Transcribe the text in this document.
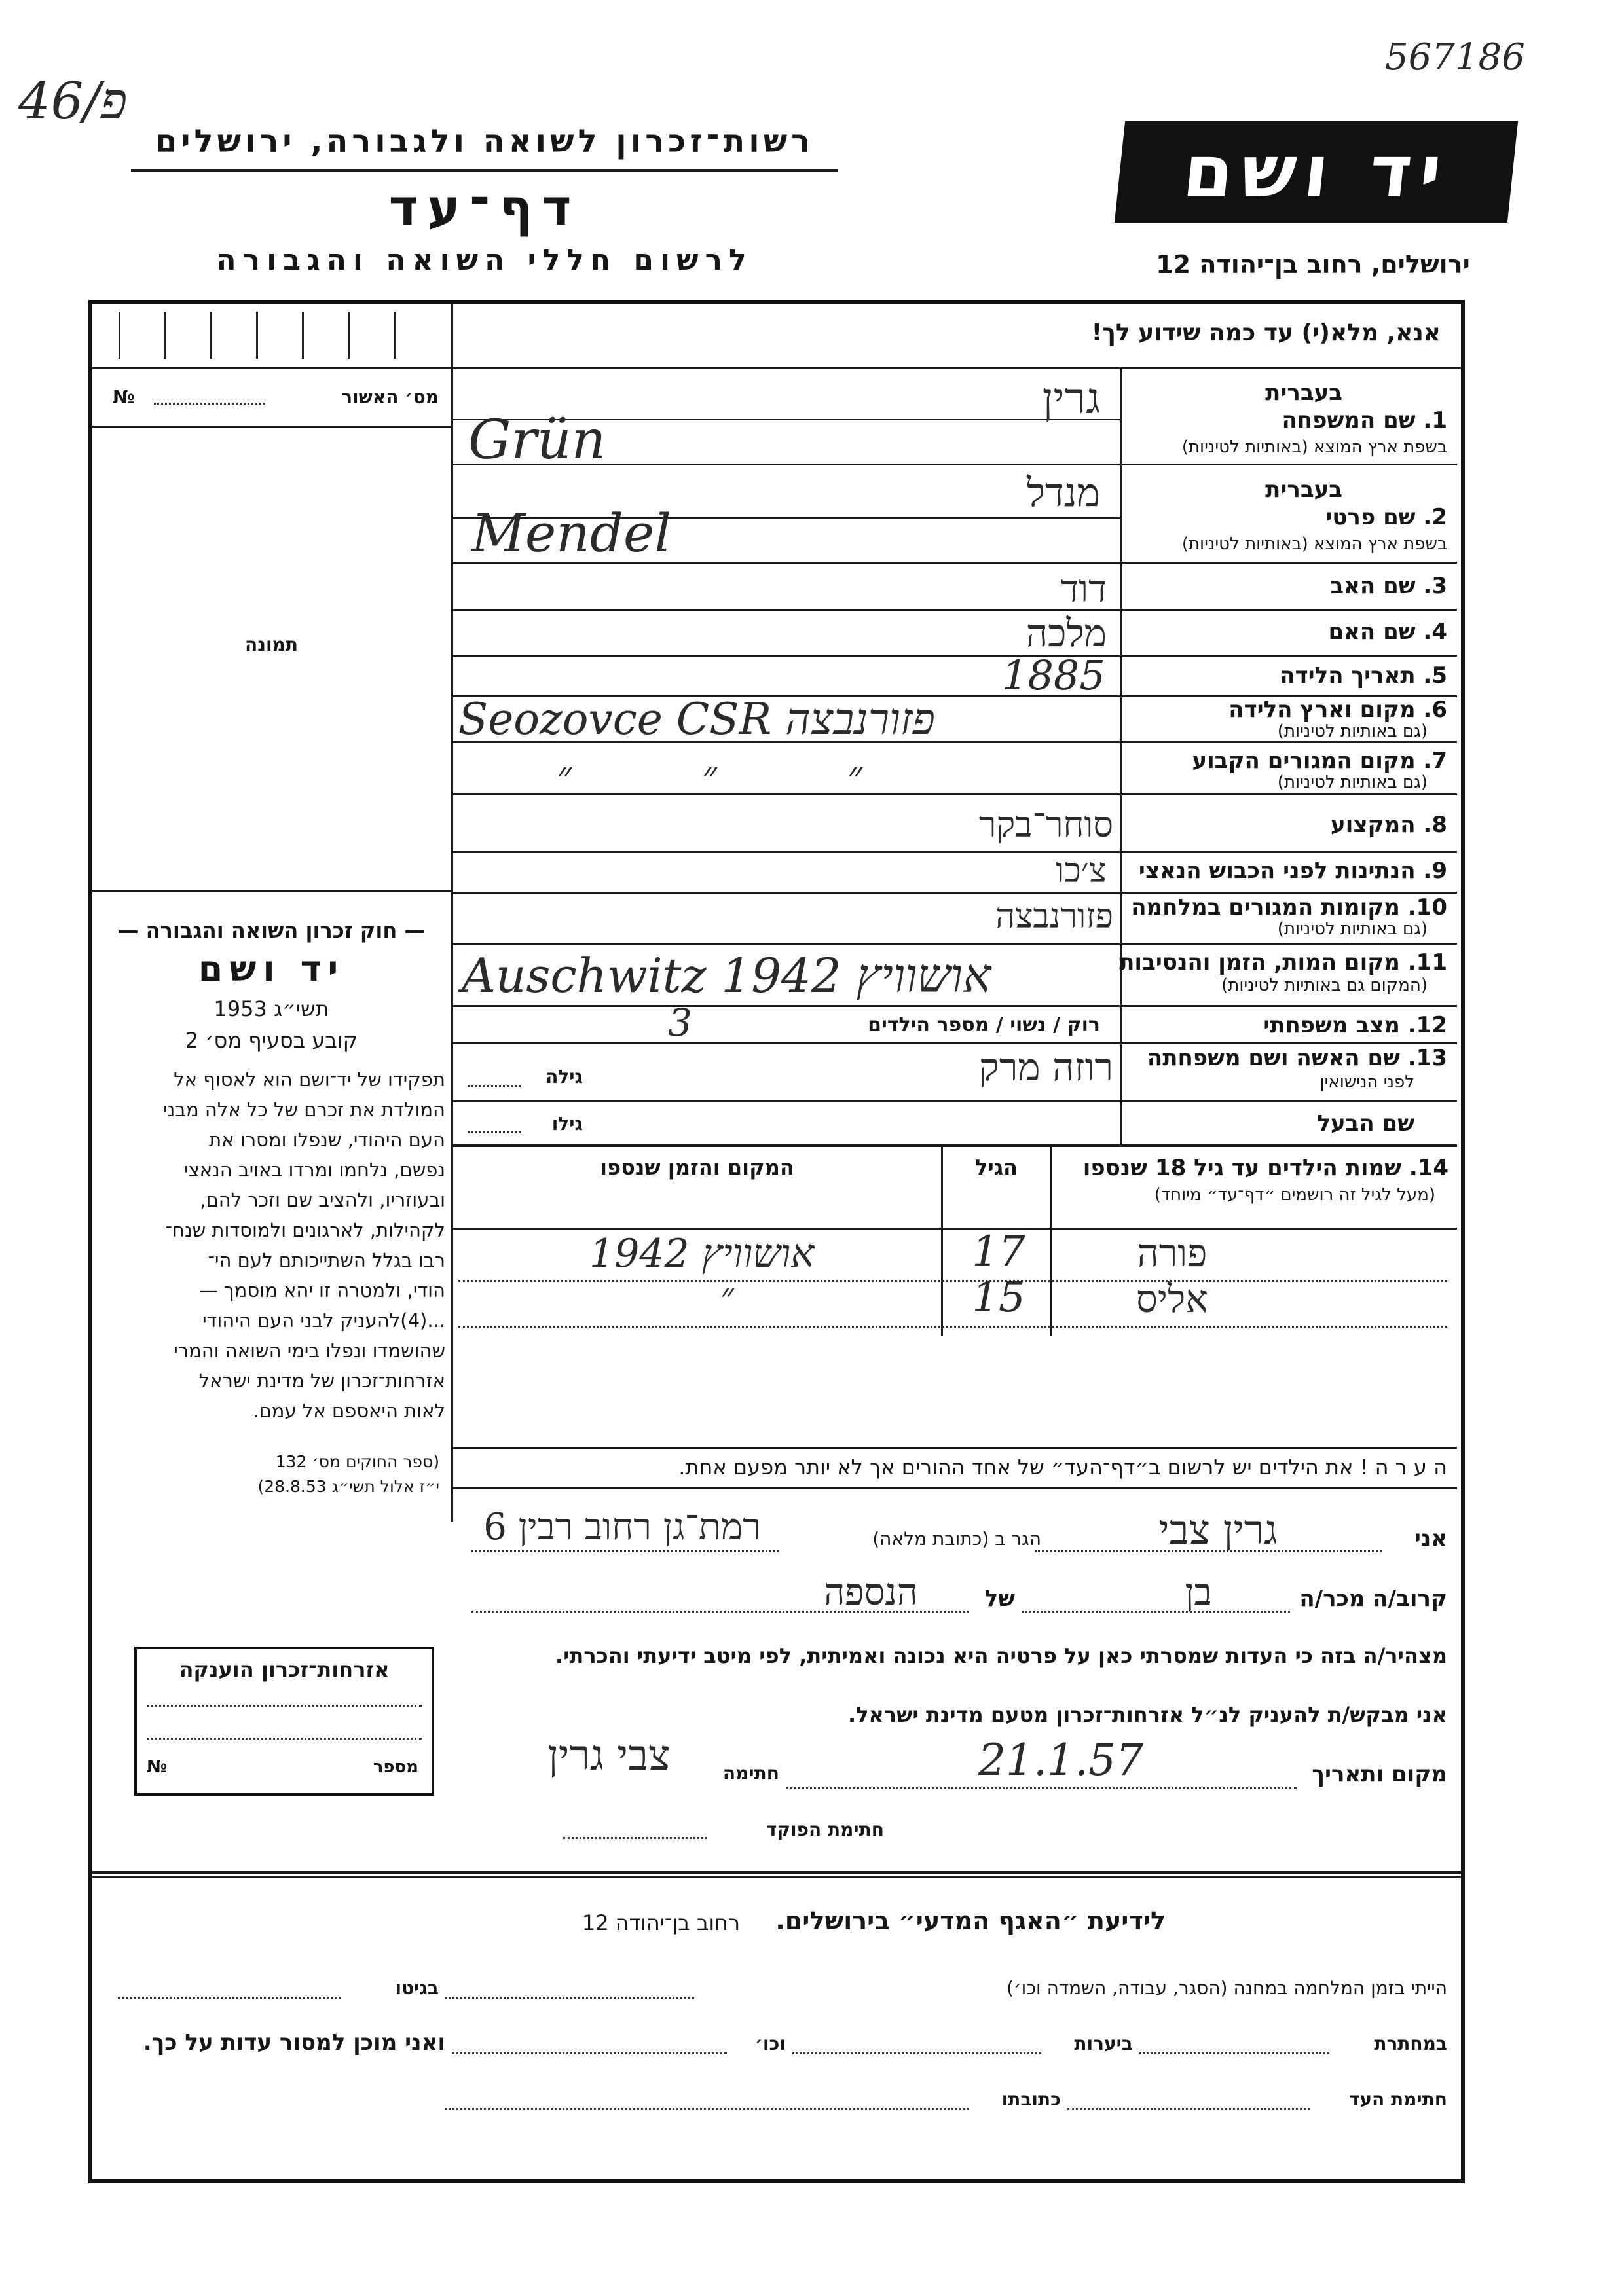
פ/46
567186
רשות־זכרון לשואה ולגבורה, ירושלים
דף־עד
לרשום חללי השואה והגבורה
יד ושם
ירושלים, רחוב בן־יהודה 12
אנא, מלא(י) עד כמה שידוע לך!
מס׳ האשור
№
תמונה
— חוק זכרון השואה והגבורה —
יד ושם
תשי״ג 1953
קובע בסעיף מס׳ 2
תפקידו של יד־ושם הוא לאסוף אל
המולדת את זכרם של כל אלה מבני
העם היהודי, שנפלו ומסרו את
נפשם, נלחמו ומרדו באויב הנאצי
ובעוזריו, ולהציב שם וזכר להם,
לקהילות, לארגונים ולמוסדות שנח־
רבו בגלל השתייכותם לעם הי־
הודי, ולמטרה זו יהא מוסמך —
...(4)להעניק לבני העם היהודי
שהושמדו ונפלו בימי השואה והמרי
אזרחות־זכרון של מדינת ישראל
לאות היאספם אל עמם.
(ספר החוקים מס׳ 132
י״ז אלול תשי״ג 28.8.53)
אזרחות־זכרון הוענקה
מספר
№
1. שם המשפחה
בשפת ארץ המוצא (באותיות לטיניות)
בעברית
גרין
Grün
2. שם פרטי
בשפת ארץ המוצא (באותיות לטיניות)
בעברית
מנדל
Mendel
3. שם האב
דוד
4. שם האם
מלכה
5. תאריך הלידה
1885
6. מקום וארץ הלידה
(גם באותיות לטיניות)
Seozovce CSR פזורנבצה
7. מקום המגורים הקבוע
(גם באותיות לטיניות)
״ ״ ״
8. המקצוע
סוחר־בקר
9. הנתינות לפני הכבוש הנאצי
צ׳כו
10. מקומות המגורים במלחמה
(גם באותיות לטיניות)
פזורנבצה
11. מקום המות, הזמן והנסיבות
(המקום גם באותיות לטיניות)
Auschwitz 1942 אושוויץ
12. מצב משפחתי
רוק / נשוי / מספר הילדים
3
13. שם האשה ושם משפחתה
לפני הנישואין
רוזה מרק
גילה
שם הבעל
גילו
14. שמות הילדים עד גיל 18 שנספו
(מעל לגיל זה רושמים ״דף־עד״ מיוחד)
הגיל
המקום והזמן שנספו
פורה
17
1942 אושוויץ
אליס
15
״
ה ע ר ה ! את הילדים יש לרשום ב״דף־העד״ של אחד ההורים אך לא יותר מפעם אחת.
אני
גרין צבי
הגר ב (כתובת מלאה)
רמת־גן רחוב רבין 6
קרוב/ה מכר/ה
בן
של
הנספה
מצהיר/ה בזה כי העדות שמסרתי כאן על פרטיה היא נכונה ואמיתית, לפי מיטב ידיעתי והכרתי.
אני מבקש/ת להעניק לנ״ל אזרחות־זכרון מטעם מדינת ישראל.
מקום ותאריך
21.1.57
חתימה
צבי גרין
חתימת הפוקד
לידיעת ״האגף המדעי״ בירושלים.
רחוב בן־יהודה 12
הייתי בזמן המלחמה במחנה (הסגר, עבודה, השמדה וכו׳)
בגיטו
במחתרת
ביערות
וכו׳
ואני מוכן למסור עדות על כך.
חתימת העד
כתובתו
